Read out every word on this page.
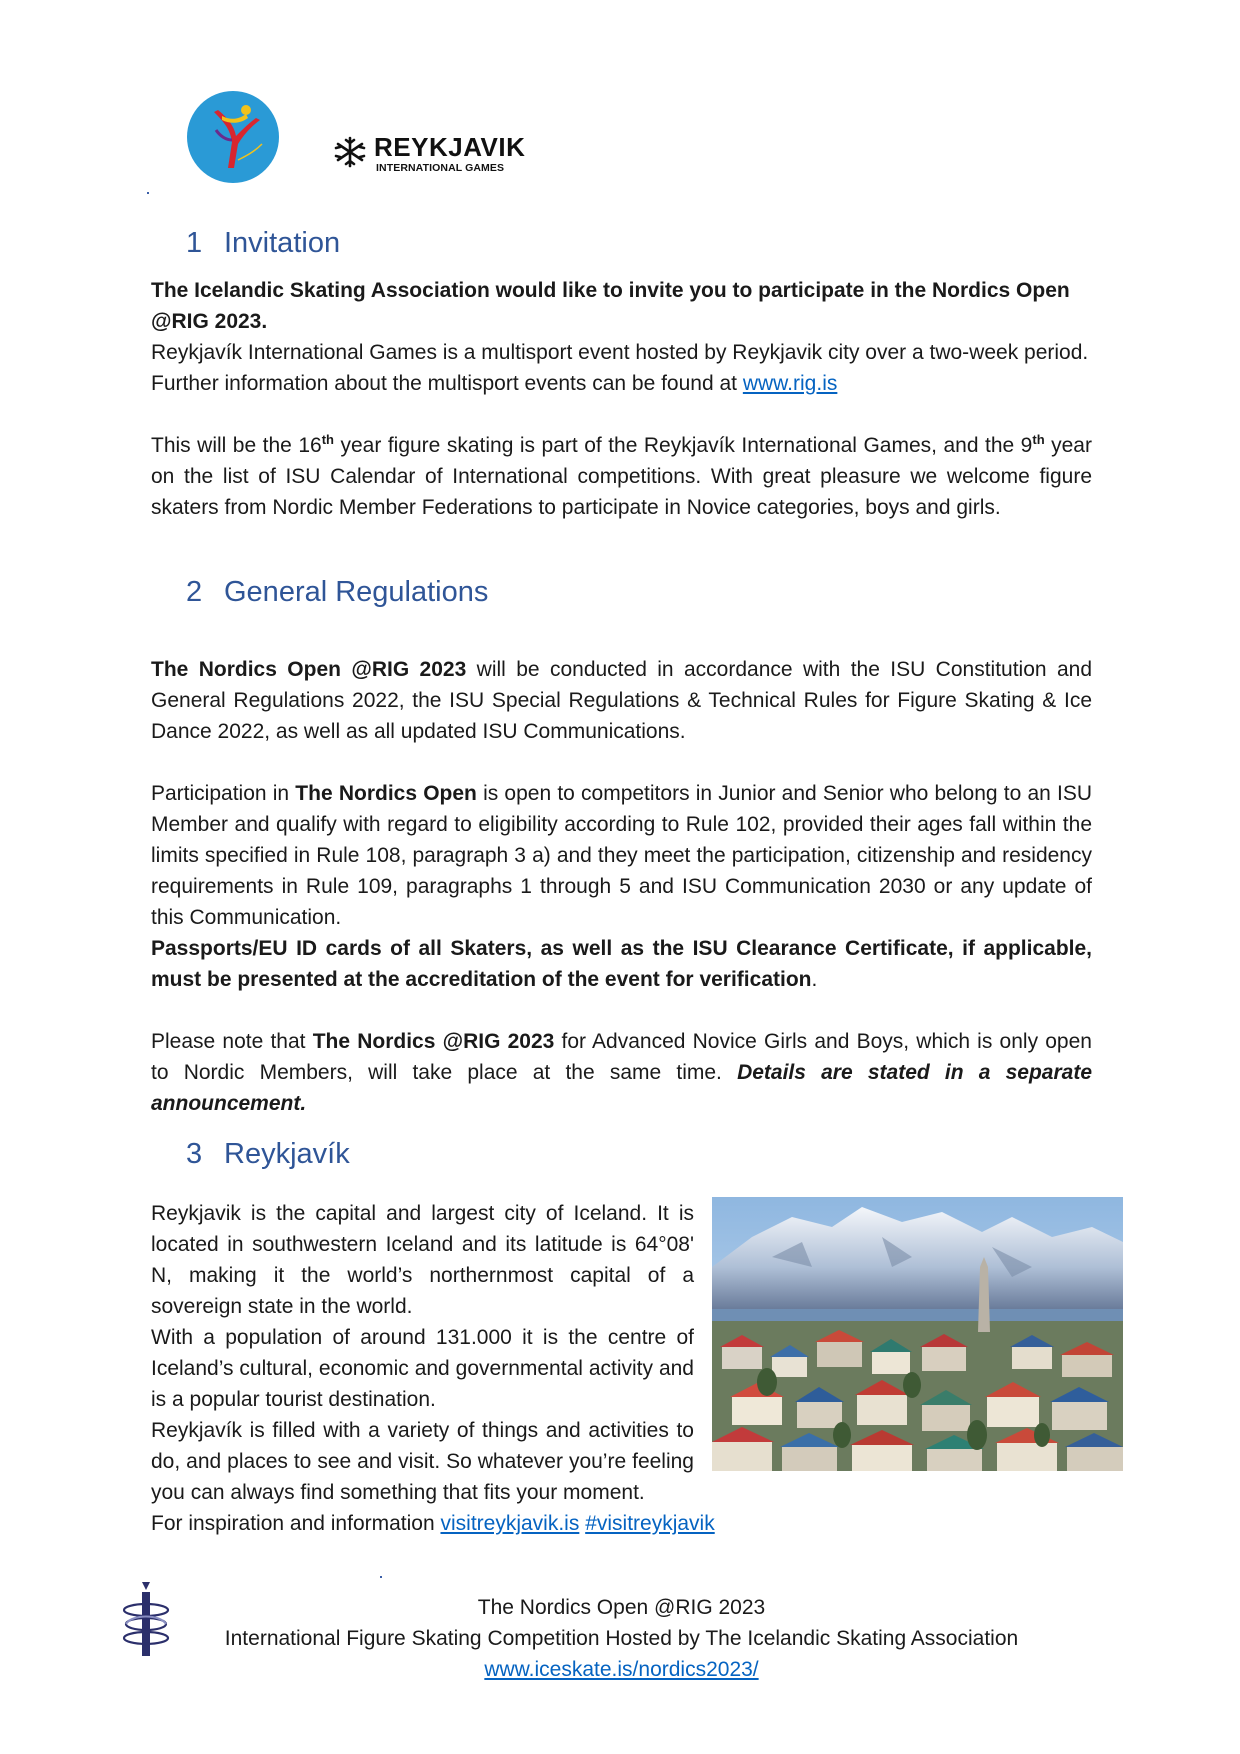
REYKJAVIK
INTERNATIONAL GAMES
1 Invitation

The Icelandic Skating Association would like to invite you to participate in the Nordics Open @RIG 2023.

Reykjavík International Games is a multisport event hosted by Reykjavik city over a two-week period. Further information about the multisport events can be found at www.rig.is

This will be the 16th year figure skating is part of the Reykjavík International Games, and the 9th year on the list of ISU Calendar of International competitions. With great pleasure we welcome figure skaters from Nordic Member Federations to participate in Novice categories, boys and girls.

2 General Regulations

The Nordics Open @RIG 2023 will be conducted in accordance with the ISU Constitution and General Regulations 2022, the ISU Special Regulations & Technical Rules for Figure Skating & Ice Dance 2022, as well as all updated ISU Communications.

Participation in The Nordics Open is open to competitors in Junior and Senior who belong to an ISU Member and qualify with regard to eligibility according to Rule 102, provided their ages fall within the limits specified in Rule 108, paragraph 3 a) and they meet the participation, citizenship and residency requirements in Rule 109, paragraphs 1 through 5 and ISU Communication 2030 or any update of this Communication.

Passports/EU ID cards of all Skaters, as well as the ISU Clearance Certificate, if applicable, must be presented at the accreditation of the event for verification.

Please note that The Nordics @RIG 2023 for Advanced Novice Girls and Boys, which is only open to Nordic Members, will take place at the same time. Details are stated in a separate announcement.

3 Reykjavík

Reykjavik is the capital and largest city of Iceland. It is located in southwestern Iceland and its latitude is 64°08' N, making it the world’s northernmost capital of a sovereign state in the world.

With a population of around 131.000 it is the centre of Iceland’s cultural, economic and governmental activity and is a popular tourist destination.

Reykjavík is filled with a variety of things and activities to do, and places to see and visit. So whatever you’re feeling you can always find something that fits your moment.

For inspiration and information visitreykjavik.is #visitreykjavik

The Nordics Open @RIG 2023
International Figure Skating Competition Hosted by The Icelandic Skating Association
www.iceskate.is/nordics2023/
